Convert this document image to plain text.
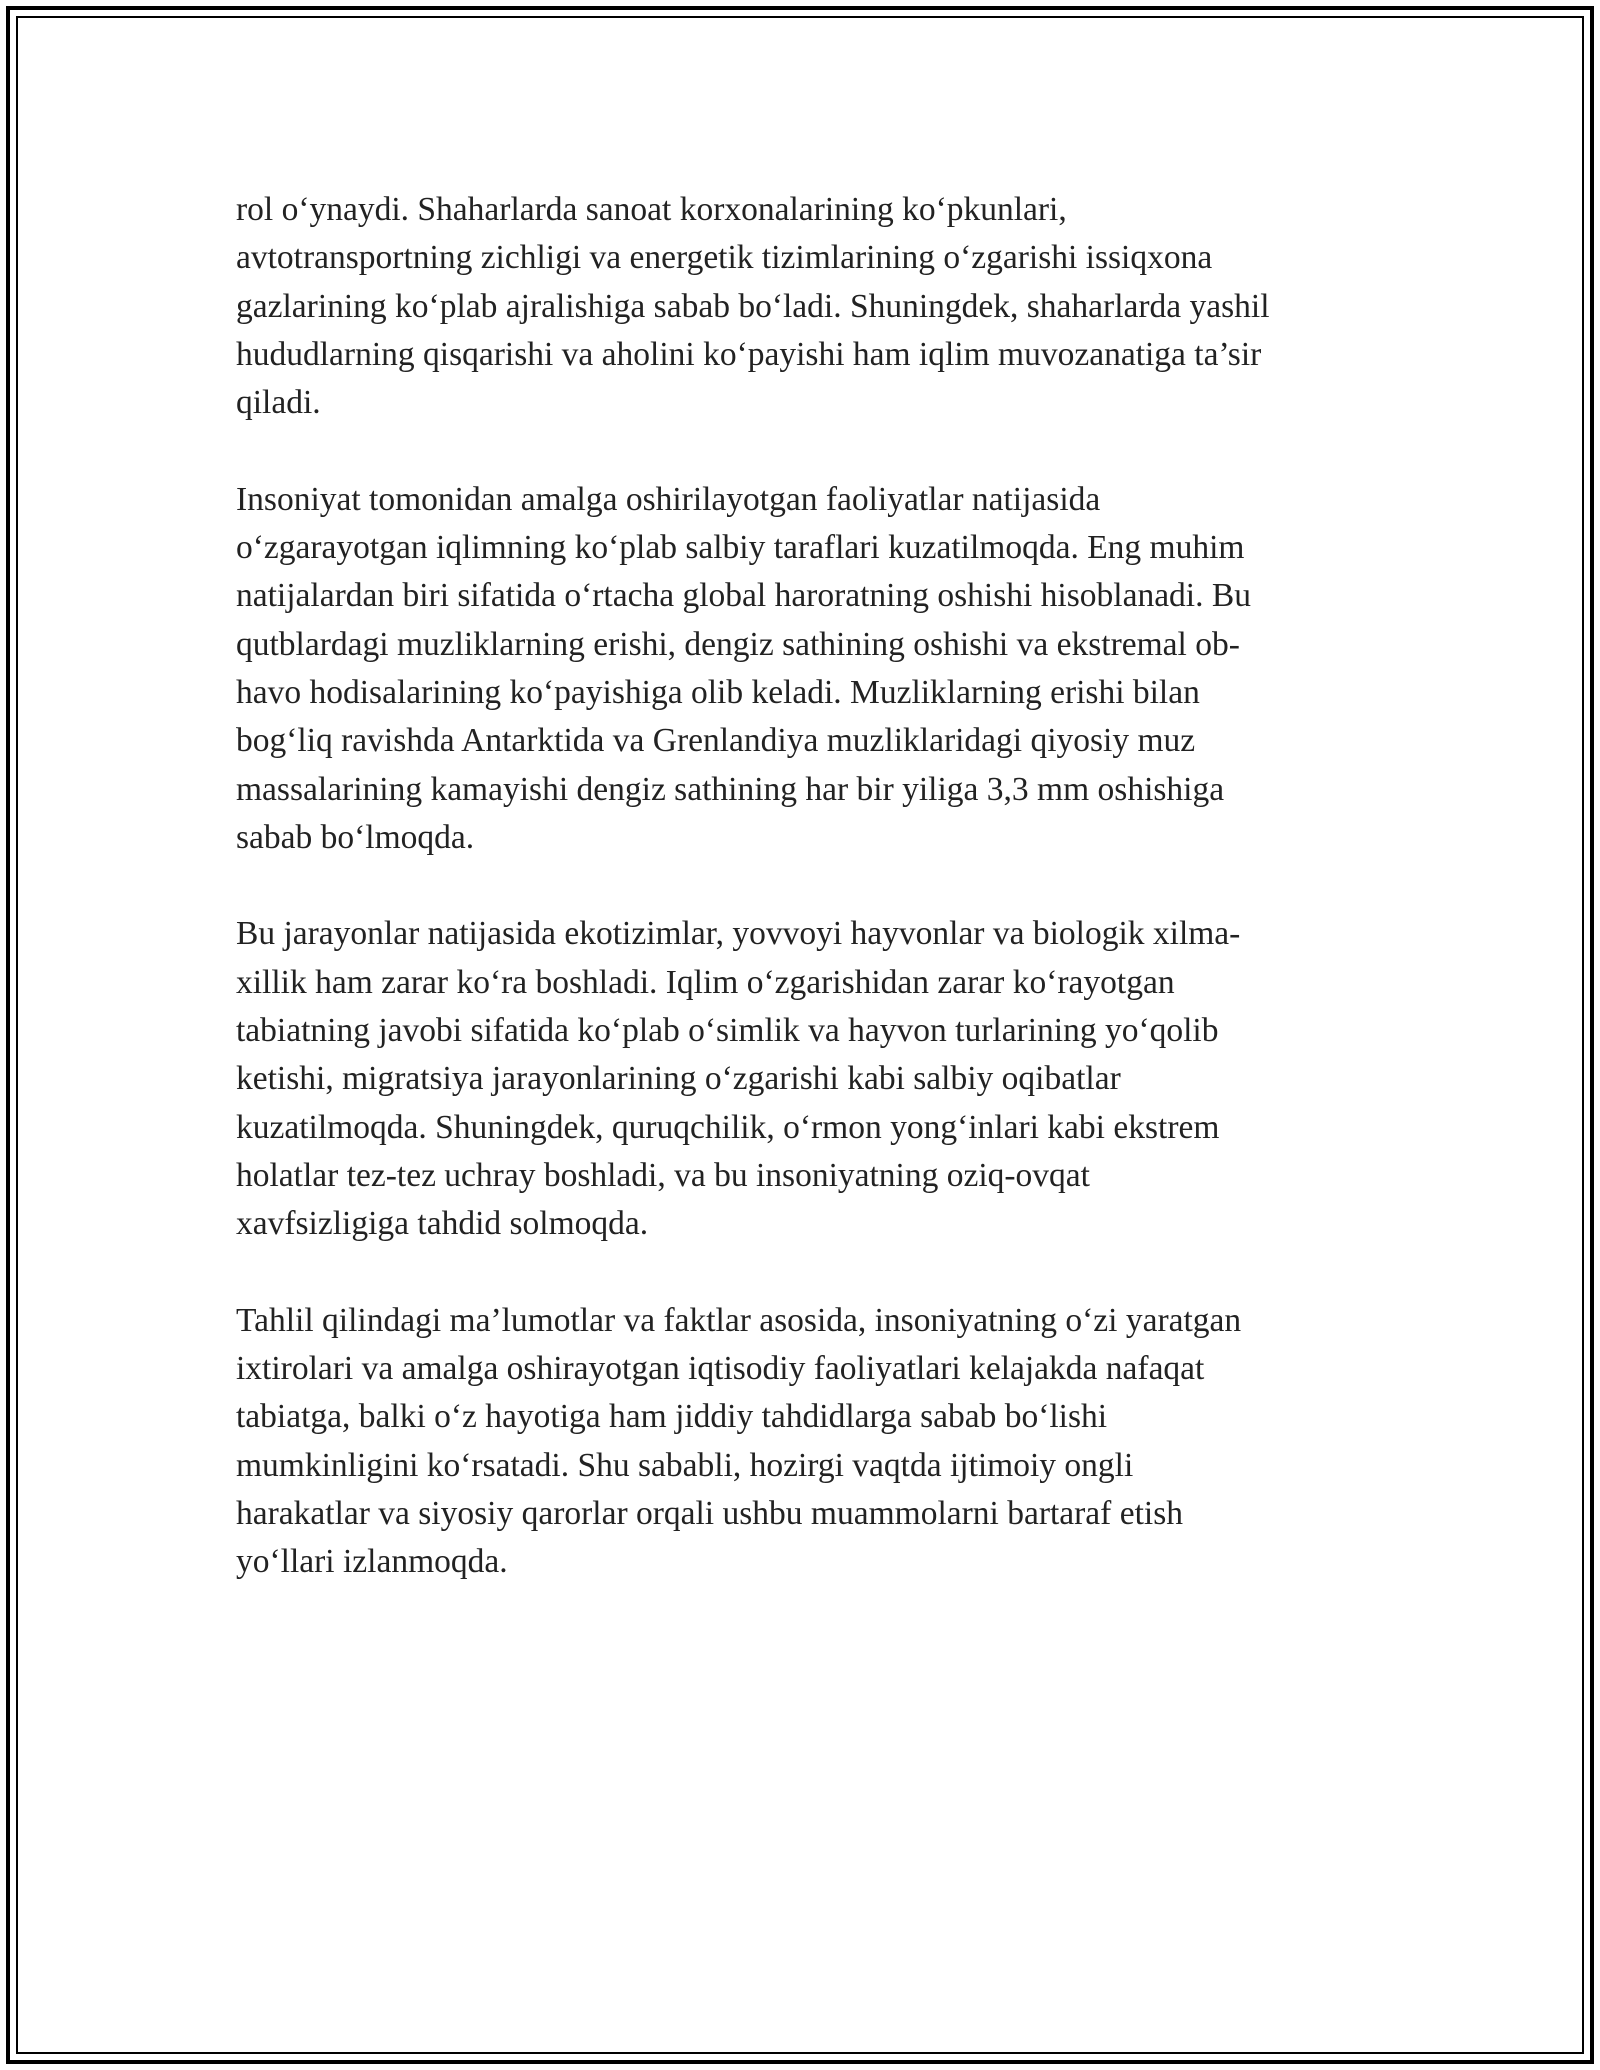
rol o‘ynaydi. Shaharlarda sanoat korxonalarining ko‘pkunlari,
avtotransportning zichligi va energetik tizimlarining o‘zgarishi issiqxona
gazlarining ko‘plab ajralishiga sabab bo‘ladi. Shuningdek, shaharlarda yashil
hududlarning qisqarishi va aholini ko‘payishi ham iqlim muvozanatiga ta’sir
qiladi.

Insoniyat tomonidan amalga oshirilayotgan faoliyatlar natijasida
o‘zgarayotgan iqlimning ko‘plab salbiy taraflari kuzatilmoqda. Eng muhim
natijalardan biri sifatida o‘rtacha global haroratning oshishi hisoblanadi. Bu
qutblardagi muzliklarning erishi, dengiz sathining oshishi va ekstremal ob-
havo hodisalarining ko‘payishiga olib keladi. Muzliklarning erishi bilan
bog‘liq ravishda Antarktida va Grenlandiya muzliklaridagi qiyosiy muz
massalarining kamayishi dengiz sathining har bir yiliga 3,3 mm oshishiga
sabab bo‘lmoqda.

Bu jarayonlar natijasida ekotizimlar, yovvoyi hayvonlar va biologik xilma-
xillik ham zarar ko‘ra boshladi. Iqlim o‘zgarishidan zarar ko‘rayotgan
tabiatning javobi sifatida ko‘plab o‘simlik va hayvon turlarining yo‘qolib
ketishi, migratsiya jarayonlarining o‘zgarishi kabi salbiy oqibatlar
kuzatilmoqda. Shuningdek, quruqchilik, o‘rmon yong‘inlari kabi ekstrem
holatlar tez-tez uchray boshladi, va bu insoniyatning oziq-ovqat
xavfsizligiga tahdid solmoqda.

Tahlil qilindagi ma’lumotlar va faktlar asosida, insoniyatning o‘zi yaratgan
ixtirolari va amalga oshirayotgan iqtisodiy faoliyatlari kelajakda nafaqat
tabiatga, balki o‘z hayotiga ham jiddiy tahdidlarga sabab bo‘lishi
mumkinligini ko‘rsatadi. Shu sababli, hozirgi vaqtda ijtimoiy ongli
harakatlar va siyosiy qarorlar orqali ushbu muammolarni bartaraf etish
yo‘llari izlanmoqda.
